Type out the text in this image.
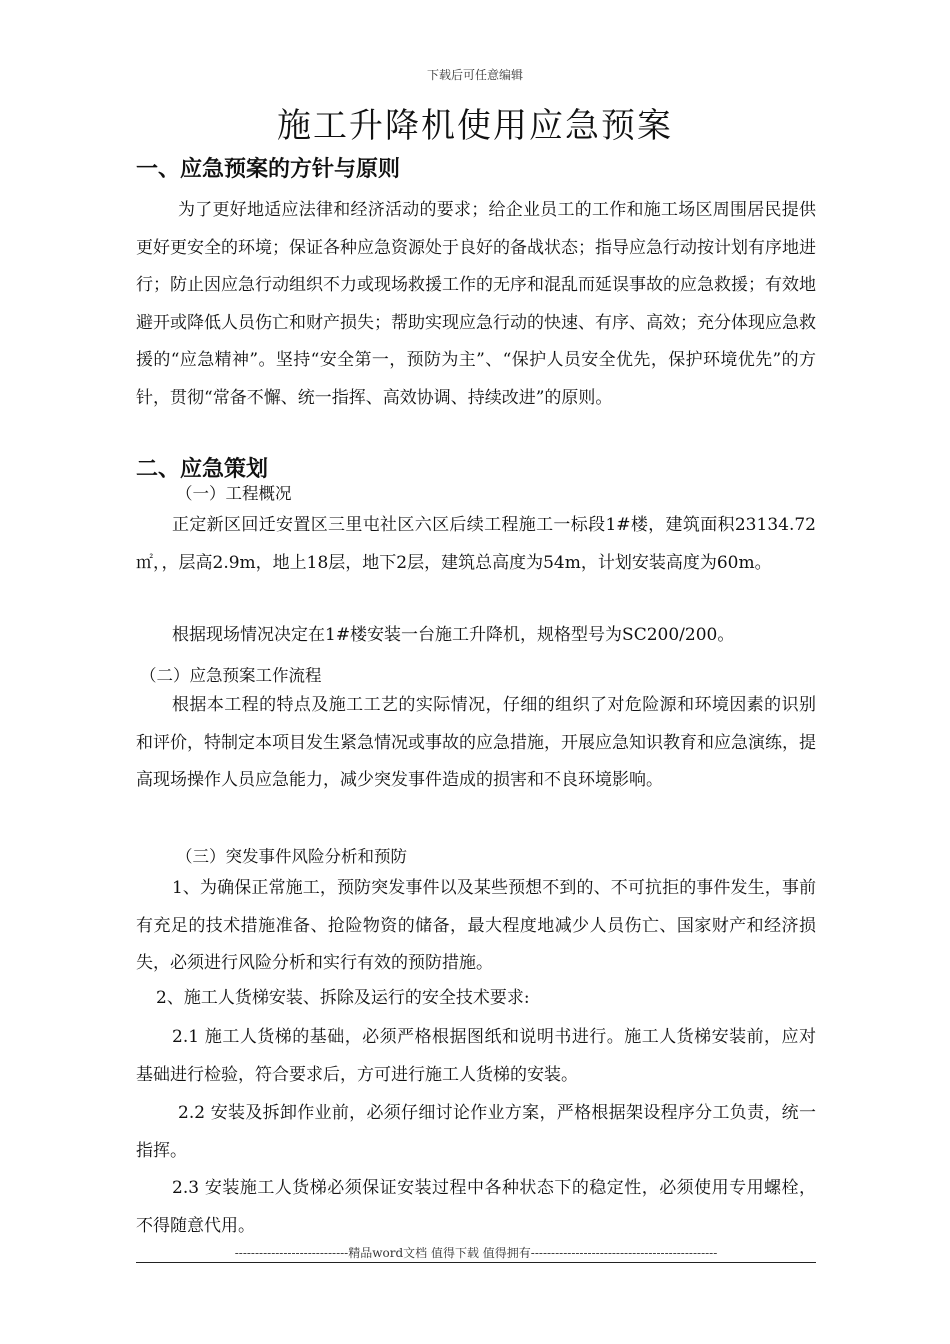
下载后可任意编辑
施工升降机使用应急预案
一、应急预案的方针与原则

为了更好地适应法律和经济活动的要求；给企业员工的工作和施工场区周围居民提供更好更安全的环境；保证各种应急资源处于良好的备战状态；指导应急行动按计划有序地进行；防止因应急行动组织不力或现场救援工作的无序和混乱而延误事故的应急救援；有效地避开或降低人员伤亡和财产损失；帮助实现应急行动的快速、有序、高效；充分体现应急救援的“应急精神”。坚持“安全第一，预防为主”、“保护人员安全优先，保护环境优先”的方针，贯彻“常备不懈、统一指挥、高效协调、持续改进”的原则。

二、应急策划

（一）工程概况

正定新区回迁安置区三里屯社区六区后续工程施工一标段1#楼，建筑面积23134.72㎡，，层高2.9m，地上18层，地下2层，建筑总高度为54m，计划安装高度为60m。

根据现场情况决定在1#楼安装一台施工升降机，规格型号为SC200/200。

（二）应急预案工作流程

根据本工程的特点及施工工艺的实际情况，仔细的组织了对危险源和环境因素的识别和评价，特制定本项目发生紧急情况或事故的应急措施，开展应急知识教育和应急演练，提高现场操作人员应急能力，减少突发事件造成的损害和不良环境影响。

（三）突发事件风险分析和预防

1、为确保正常施工，预防突发事件以及某些预想不到的、不可抗拒的事件发生，事前有充足的技术措施准备、抢险物资的储备，最大程度地减少人员伤亡、国家财产和经济损失，必须进行风险分析和实行有效的预防措施。

2、施工人货梯安装、拆除及运行的安全技术要求:

2.1 施工人货梯的基础，必须严格根据图纸和说明书进行。施工人货梯安装前，应对基础进行检验，符合要求后，方可进行施工人货梯的安装。

2.2 安装及拆卸作业前，必须仔细讨论作业方案，严格根据架设程序分工负责，统一指挥。

2.3 安装施工人货梯必须保证安装过程中各种状态下的稳定性，必须使用专用螺栓，不得随意代用。

----------------------------精品word文档 值得下载 值得拥有----------------------------------------------
